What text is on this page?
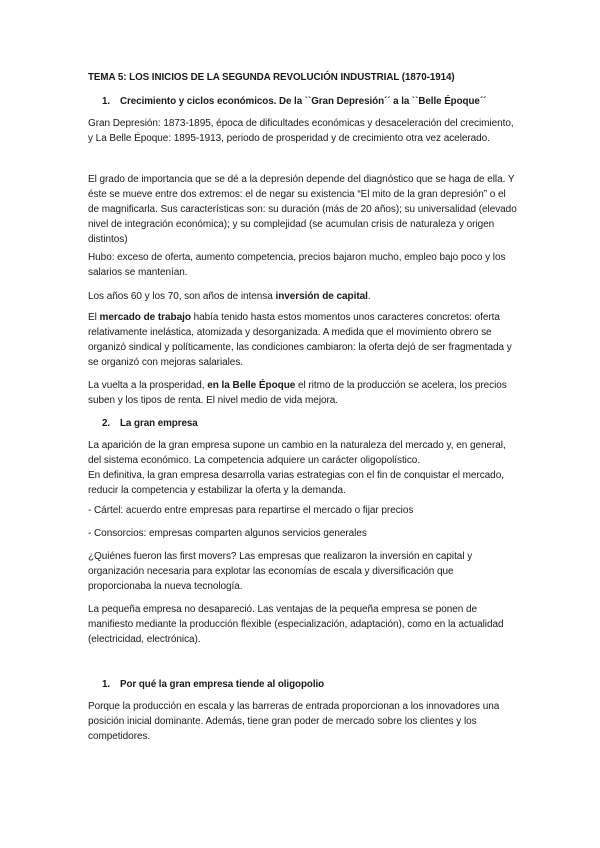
TEMA 5: LOS INICIOS DE LA SEGUNDA REVOLUCIÓN INDUSTRIAL (1870-1914)

1. Crecimiento y ciclos económicos. De la ``Gran Depresión´´ a la ``Belle Époque´´

Gran Depresión: 1873-1895, época de dificultades económicas y desaceleración del crecimiento, y La Belle Époque: 1895-1913, periodo de prosperidad y de crecimiento otra vez acelerado.

El grado de importancia que se dé a la depresión depende del diagnóstico que se haga de ella. Y éste se mueve entre dos extremos: el de negar su existencia “El mito de la gran depresión” o el de magnificarla. Sus características son: su duración (más de 20 años); su universalidad (elevado nivel de integración económica); y su complejidad (se acumulan crisis de naturaleza y origen distintos)

Hubo: exceso de oferta, aumento competencia, precios bajaron mucho, empleo bajo poco y los salarios se mantenían.

Los años 60 y los 70, son años de intensa inversión de capital.

El mercado de trabajo había tenido hasta estos momentos unos caracteres concretos: oferta relativamente inelástica, atomizada y desorganizada. A medida que el movimiento obrero se organizó sindical y políticamente, las condiciones cambiaron: la oferta dejó de ser fragmentada y se organizó con mejoras salariales.

La vuelta a la prosperidad, en la Belle Époque el ritmo de la producción se acelera, los precios suben y los tipos de renta. El nivel medio de vida mejora.

2. La gran empresa

La aparición de la gran empresa supone un cambio en la naturaleza del mercado y, en general, del sistema económico. La competencia adquiere un carácter oligopolístico.

En definitiva, la gran empresa desarrolla varias estrategias con el fin de conquistar el mercado, reducir la competencia y estabilizar la oferta y la demanda.

- Cártel: acuerdo entre empresas para repartirse el mercado o fijar precios

- Consorcios: empresas comparten algunos servicios generales

¿Quiénes fueron las first movers? Las empresas que realizaron la inversión en capital y organización necesaria para explotar las economías de escala y diversificación que proporcionaba la nueva tecnología.

La pequeña empresa no desapareció. Las ventajas de la pequeña empresa se ponen de manifiesto mediante la producción flexible (especialización, adaptación), como en la actualidad (electricidad, electrónica).

1. Por qué la gran empresa tiende al oligopolio

Porque la producción en escala y las barreras de entrada proporcionan a los innovadores una posición inicial dominante. Además, tiene gran poder de mercado sobre los clientes y los competidores.
